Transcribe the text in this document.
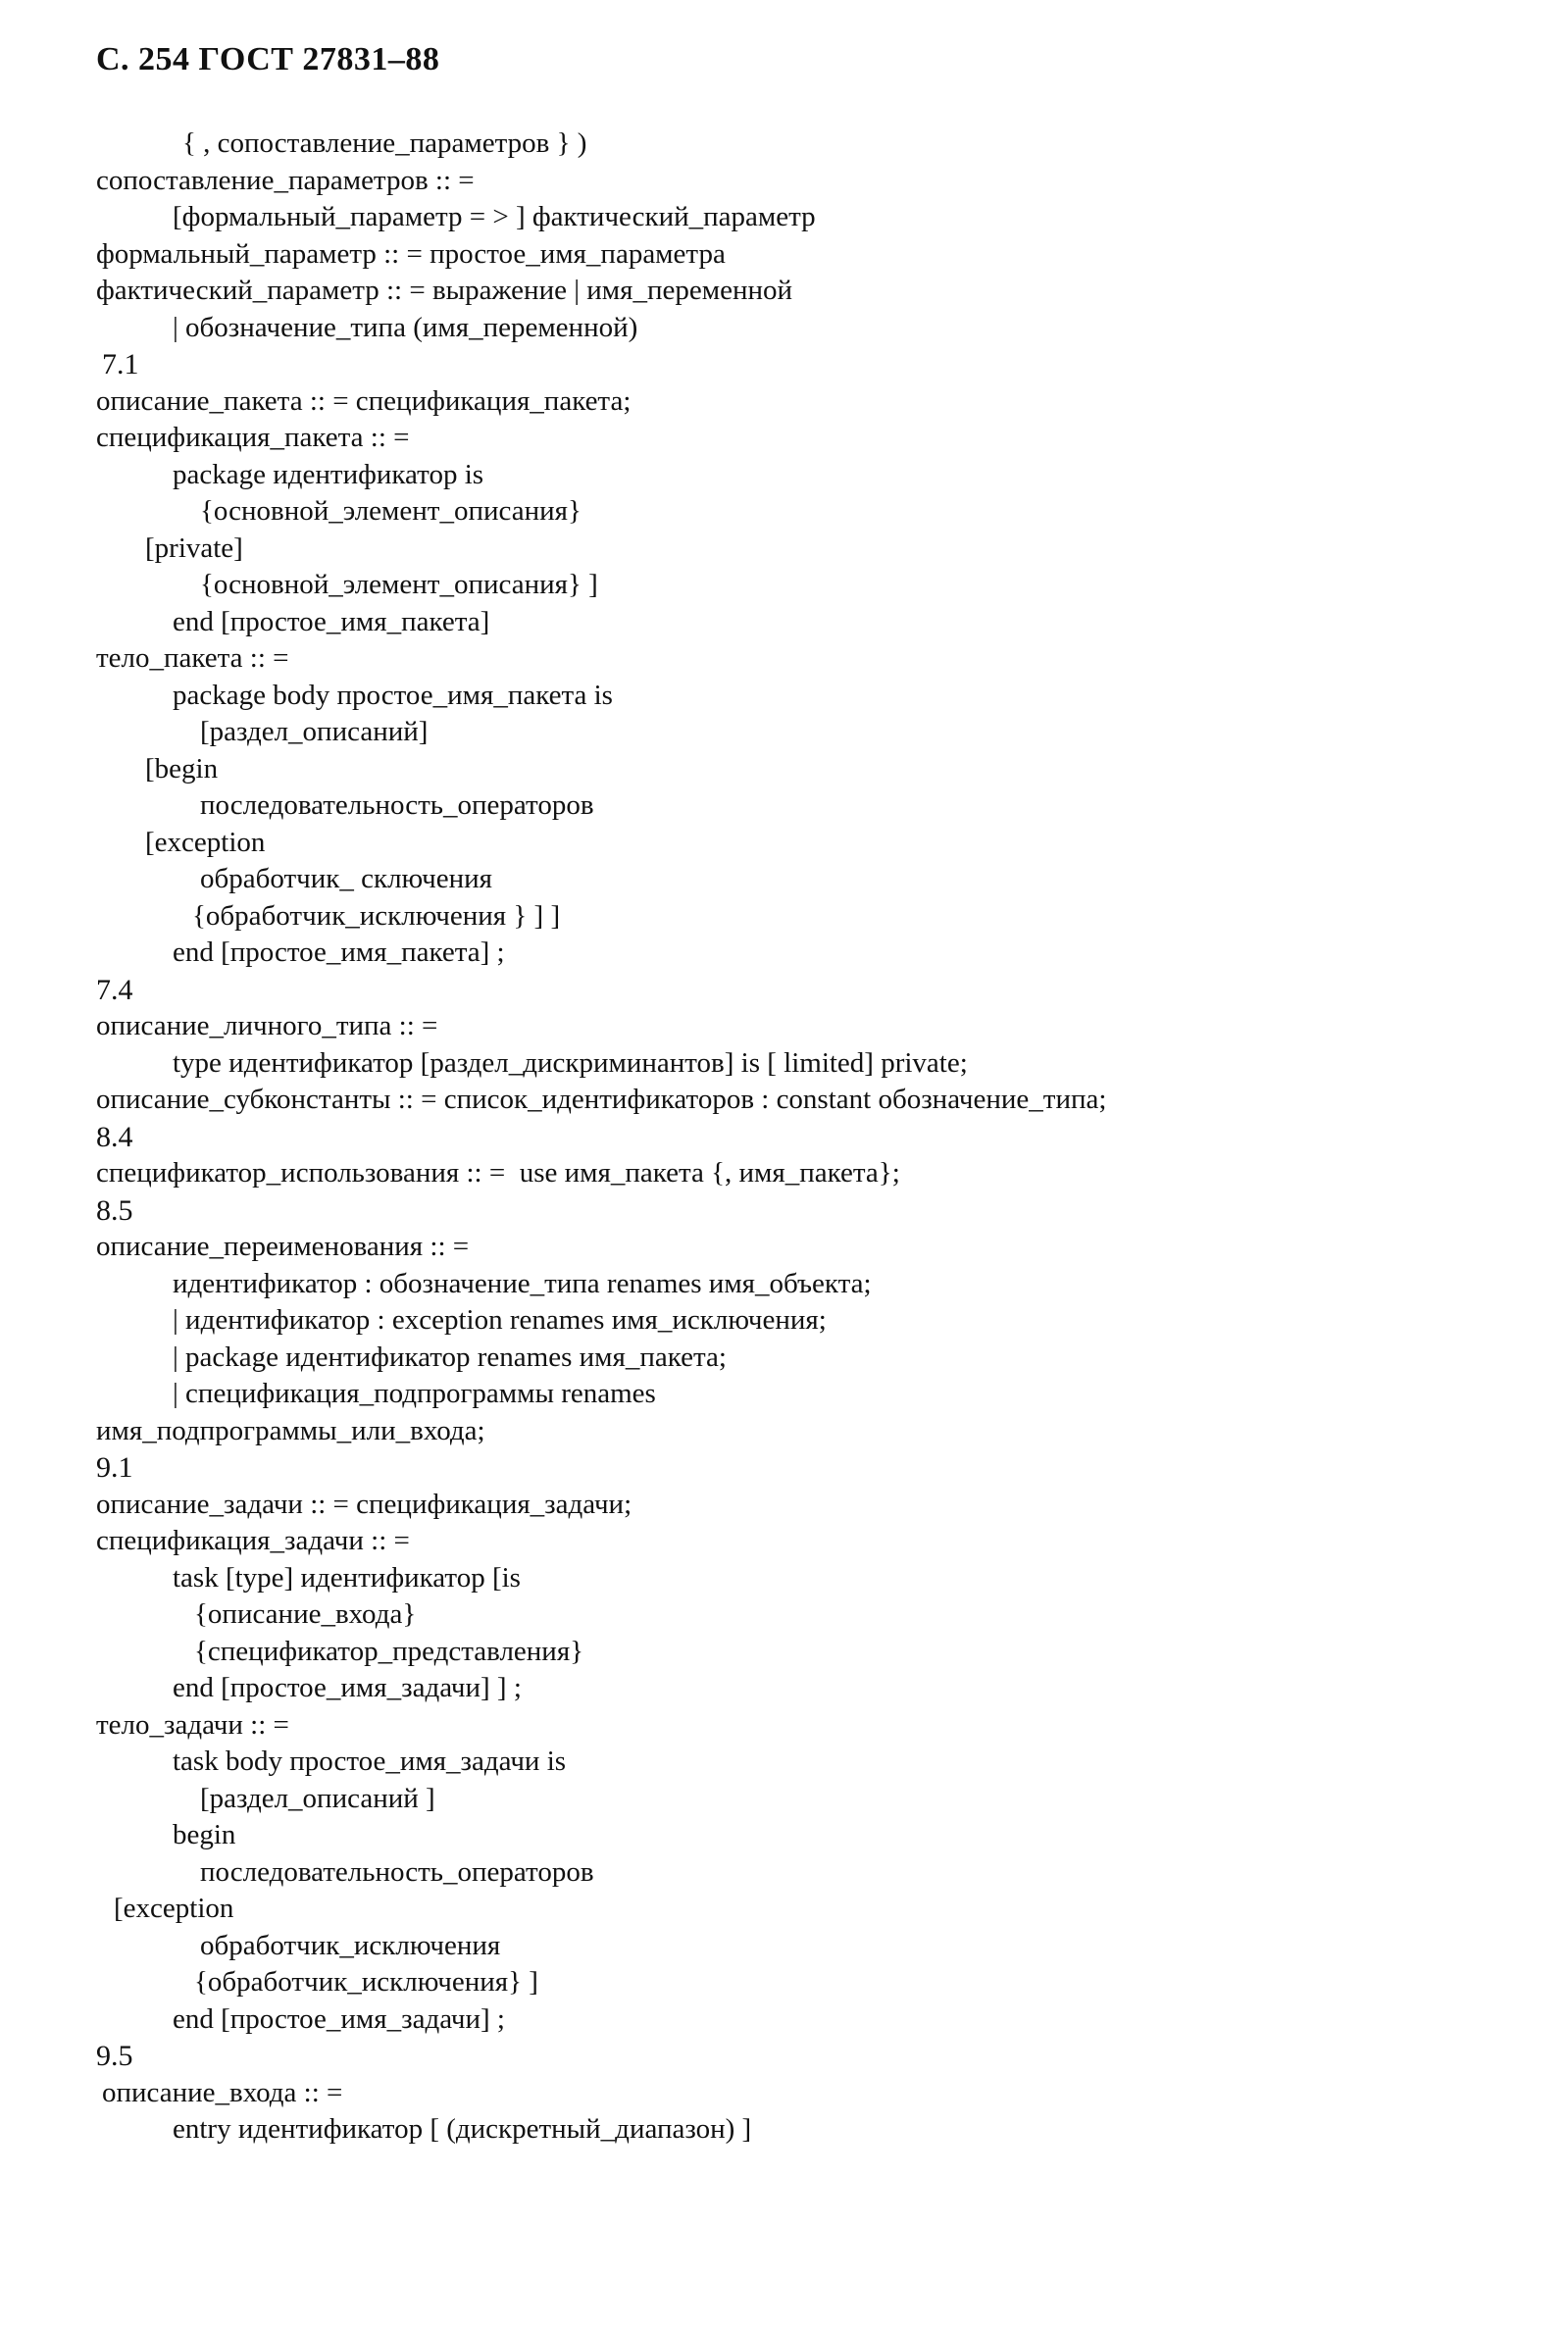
С. 254 ГОСТ 27831–88
{ , сопоставление_параметров } )
сопоставление_параметров :: =
[формальный_параметр = > ] фактический_параметр
формальный_параметр :: = простое_имя_параметра
фактический_параметр :: = выражение | имя_переменной
| обозначение_типа (имя_переменной)
7.1
описание_пакета :: = спецификация_пакета;
спецификация_пакета :: =
package идентификатор is
{основной_элемент_описания}
[private]
{основной_элемент_описания} ]
end [простое_имя_пакета]
тело_пакета :: =
package body простое_имя_пакета is
[раздел_описаний]
[begin
последовательность_операторов
[exception
обработчик_ сключения
{обработчик_исключения } ] ]
end [простое_имя_пакета] ;
7.4
описание_личного_типа :: =
type идентификатор [раздел_дискриминантов] is [ limited] private;
описание_субконстанты :: = список_идентификаторов : constant обозначение_типа;
8.4
спецификатор_использования :: =  use имя_пакета {, имя_пакета};
8.5
описание_переименования :: =
идентификатор : обозначение_типа renames имя_объекта;
| идентификатор : exception renames имя_исключения;
| package идентификатор renames имя_пакета;
| спецификация_подпрограммы renames
имя_подпрограммы_или_входа;
9.1
описание_задачи :: = спецификация_задачи;
спецификация_задачи :: =
task [type] идентификатор [is
{описание_входа}
{спецификатор_представления}
end [простое_имя_задачи] ] ;
тело_задачи :: =
task body простое_имя_задачи is
[раздел_описаний ]
begin
последовательность_операторов
[exception
обработчик_исключения
{обработчик_исключения} ]
end [простое_имя_задачи] ;
9.5
описание_входа :: =
entry идентификатор [ (дискретный_диапазон) ]
